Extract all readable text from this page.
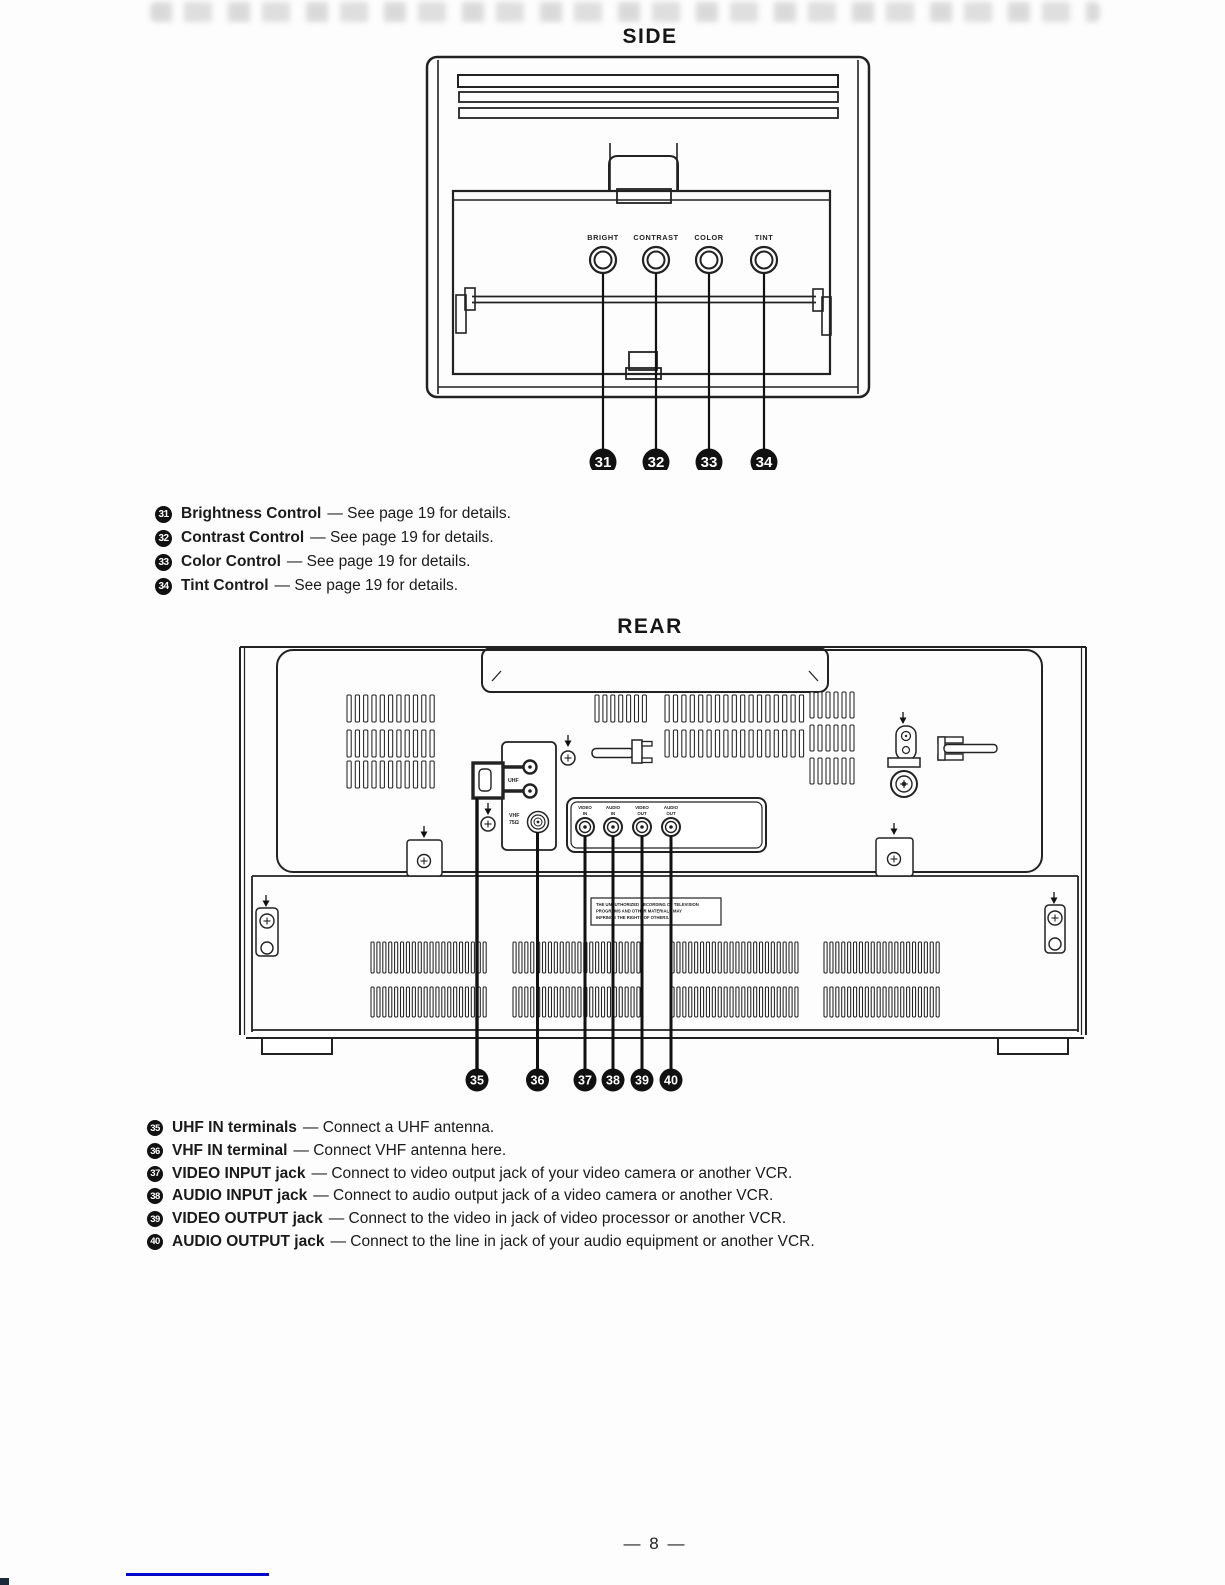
SIDE
BRIGHT CONTRAST COLOR	TINT
31 32 33	34
31 Brightness Control — See page 19 for details.
32 Contrast Control — See page 19 for details.
33 Color Control — See page 19 for details.
34 Tint Control — See page 19 for details.
REAR
UHF
VHF
75Ω
VIDEO
IN
AUDIO
IN
VIDEO
OUT
AUDIO
OUT
THE UNAUTHORIZED RECORDING OF TELEVISION
PROGRAMS AND OTHER MATERIALS MAY
INFRINGE THE RIGHTS OF OTHERS.
35	36	37 38 39 40
35 UHF IN terminals — Connect a UHF antenna.
36 VHF IN terminal — Connect VHF antenna here.
37 VIDEO INPUT jack — Connect to video output jack of your video camera or another VCR.
38 AUDIO INPUT jack — Connect to audio output jack of a video camera or another VCR.
39 VIDEO OUTPUT jack — Connect to the video in jack of video processor or another VCR.
40 AUDIO OUTPUT jack — Connect to the line in jack of your audio equipment or another VCR.
— 8 —
